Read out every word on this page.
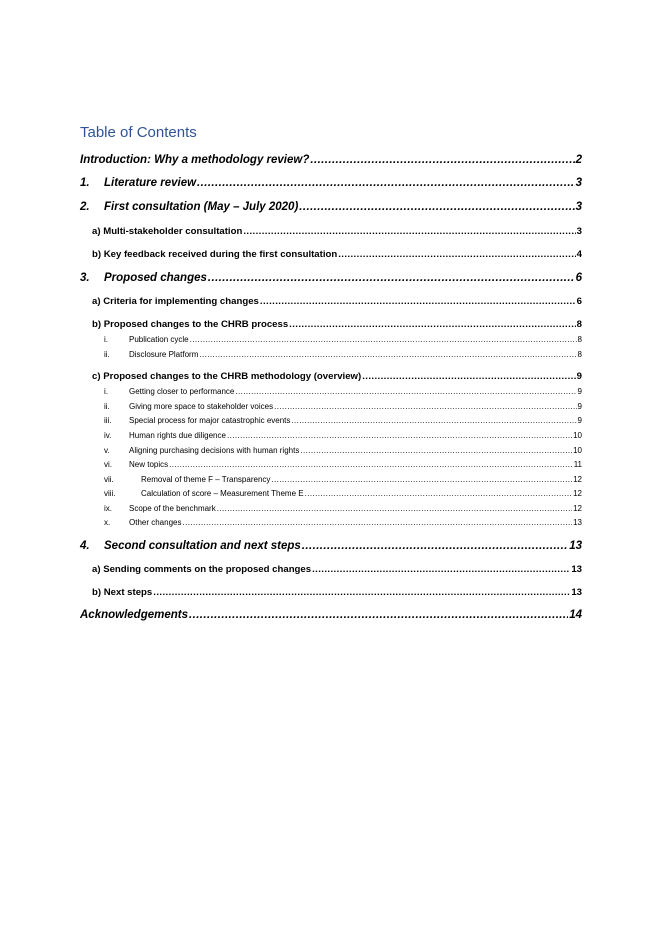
Table of Contents
Introduction: Why a methodology review? .....	2
1.	Literature review .....	3
2.	First consultation (May – July 2020) .....	3
a) Multi-stakeholder consultation .....	3
b) Key feedback received during the first consultation .....	4
3.	Proposed changes .....	6
a) Criteria for implementing changes .....	6
b) Proposed changes to the CHRB process .....	8
i.	Publication cycle .....	8
ii.	Disclosure Platform .....	8
c) Proposed changes to the CHRB methodology (overview) .....	9
i.	Getting closer to performance .....	9
ii.	Giving more space to stakeholder voices .....	9
iii.	Special process for major catastrophic events .....	9
iv.	Human rights due diligence .....	10
v.	Aligning purchasing decisions with human rights .....	10
vi.	New topics .....	11
vii.	Removal of theme F – Transparency .....	12
viii.	Calculation of score – Measurement Theme E .....	12
ix.	Scope of the benchmark .....	12
x.	Other changes .....	13
4.	Second consultation and next steps .....	13
a) Sending comments on the proposed changes .....	13
b) Next steps .....	13
Acknowledgements .....	14
